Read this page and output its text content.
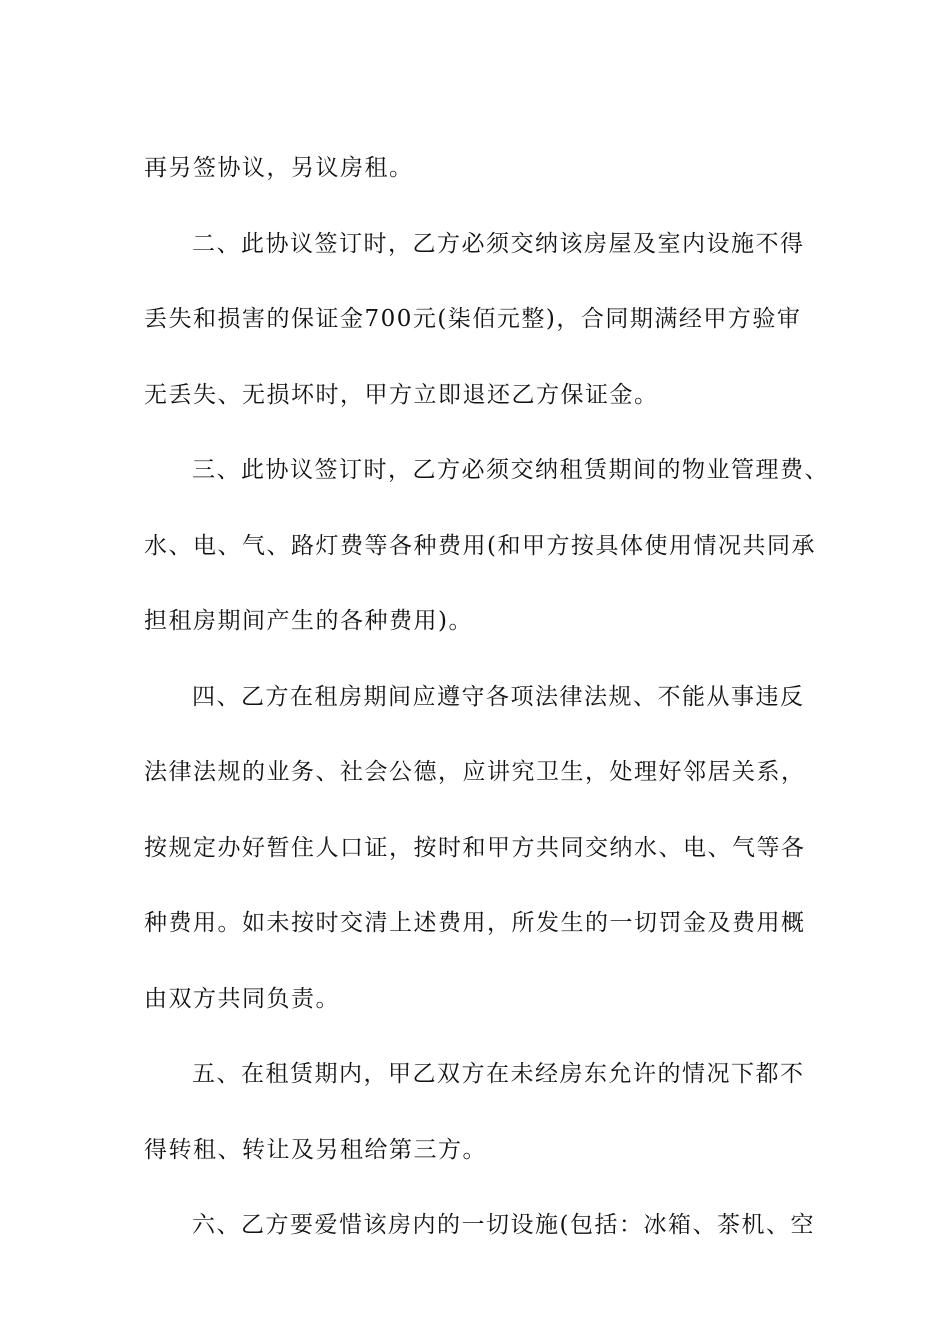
再另签协议，另议房租。
二、此协议签订时，乙方必须交纳该房屋及室内设施不得
丢失和损害的保证金700元(柒佰元整)，合同期满经甲方验审
无丢失、无损坏时，甲方立即退还乙方保证金。
三、此协议签订时，乙方必须交纳租赁期间的物业管理费、
水、电、气、路灯费等各种费用(和甲方按具体使用情况共同承
担租房期间产生的各种费用)。
四、乙方在租房期间应遵守各项法律法规、不能从事违反
法律法规的业务、社会公德，应讲究卫生，处理好邻居关系，
按规定办好暂住人口证，按时和甲方共同交纳水、电、气等各
种费用。如未按时交清上述费用，所发生的一切罚金及费用概
由双方共同负责。
五、在租赁期内，甲乙双方在未经房东允许的情况下都不
得转租、转让及另租给第三方。
六、乙方要爱惜该房内的一切设施(包括：冰箱、茶机、空
